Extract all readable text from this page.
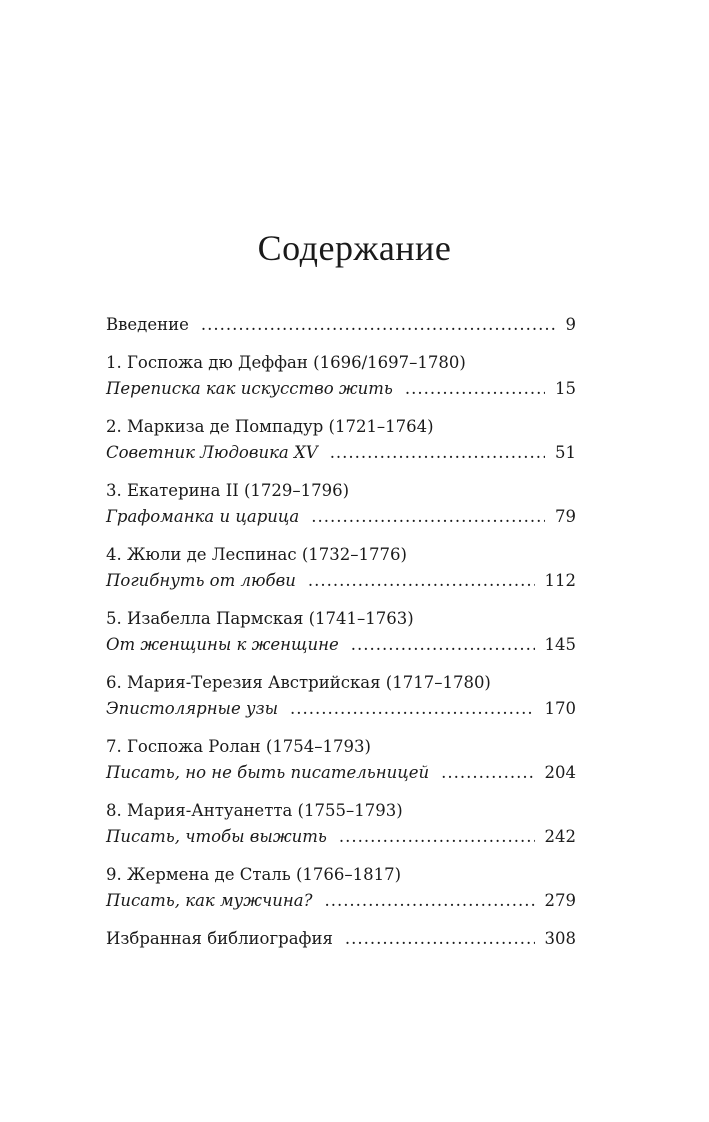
Содержание
Введение .....	9
1. Госпожа дю Деффан (1696/1697–1780)
Переписка как искусство жить .....	15
2. Маркиза де Помпадур (1721–1764)
Советник Людовика XV .....	51
3. Екатерина II (1729–1796)
Графоманка и царица .....	79
4. Жюли де Леспинас (1732–1776)
Погибнуть от любви .....	112
5. Изабелла Пармская (1741–1763)
От женщины к женщине .....	145
6. Мария-Терезия Австрийская (1717–1780)
Эпистолярные узы .....	170
7. Госпожа Ролан (1754–1793)
Писать, но не быть писательницей .....	204
8. Мария-Антуанетта (1755–1793)
Писать, чтобы выжить .....	242
9. Жермена де Сталь (1766–1817)
Писать, как мужчина? .....	279
Избранная библиография .....	308
